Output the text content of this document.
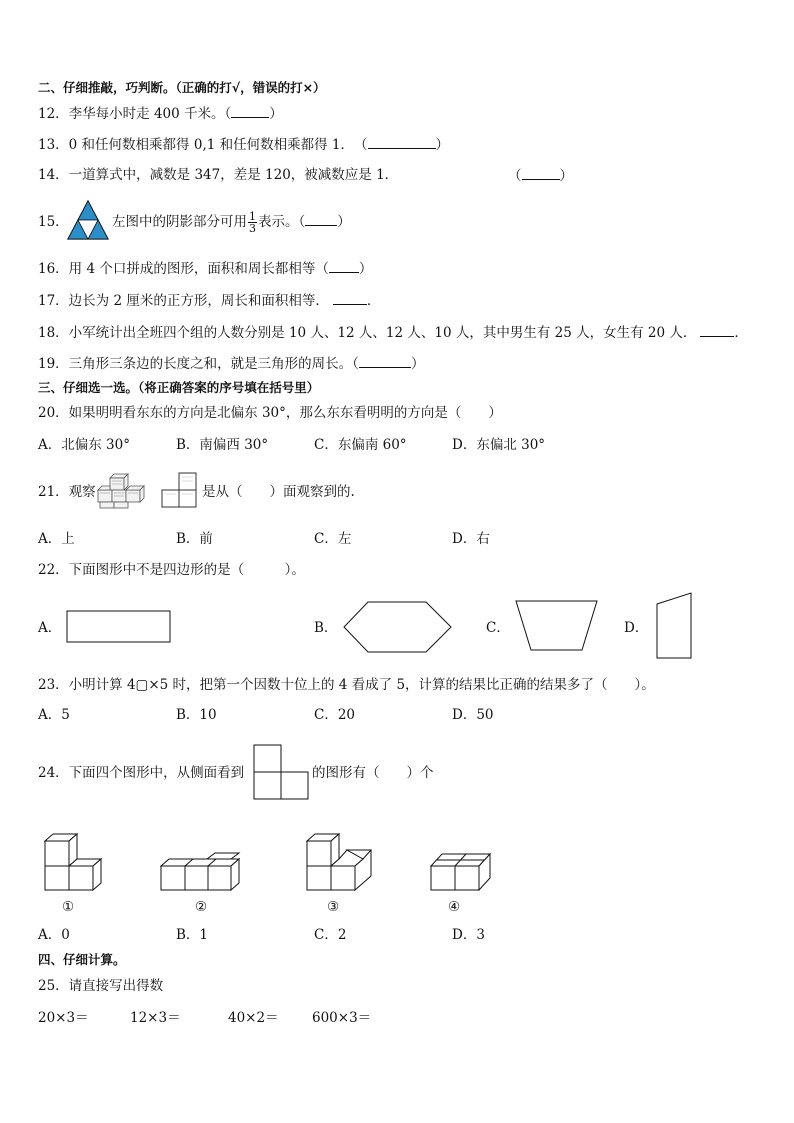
二、仔细推敲，巧判断。（正确的打√，错误的打×）
12．李华每小时走 400 千米。（	）
13．0 和任何数相乘都得 0,1 和任何数相乘都得 1．　（	）
14．一道算式中，减数是 347，差是 120，被减数应是 1．	（	）
15．	左图中的阴影部分可用 $\frac{1}{3}$ 表示。（ ）
16．用 4 个口拼成的图形，面积和周长都相等（ ）
17．边长为 2 厘米的正方形，周长和面积相等．	．
18．小军统计出全班四个组的人数分别是 10 人、12 人、12 人、10 人，其中男生有 25 人，女生有 20 人．	．
19．三角形三条边的长度之和，就是三角形的周长。（	）
三、仔细选一选。（将正确答案的序号填在括号里）
20．如果明明看东东的方向是北偏东 30°，那么东东看明明的方向是（　　）
A．北偏东 30°	B．南偏西 30°	C．东偏南 60°	D．东偏北 30°
21．观察	是从（　　）面观察到的.
A．上	B．前	C．左	D．右
22．下面图形中不是四边形的是（　　　）。
A．	B．	C．	D．
23．小明计算 4▢×5 时，把第一个因数十位上的 4 看成了 5，计算的结果比正确的结果多了（　　）。
A．5	B．10	C．20	D．50
24．下面四个图形中，从侧面看到	的图形有（　　）个
①	②	③	④
A．0	B．1	C．2	D．3
四、仔细计算。
25．请直接写出得数
20×3＝	12×3＝	40×2＝ 600×3＝
